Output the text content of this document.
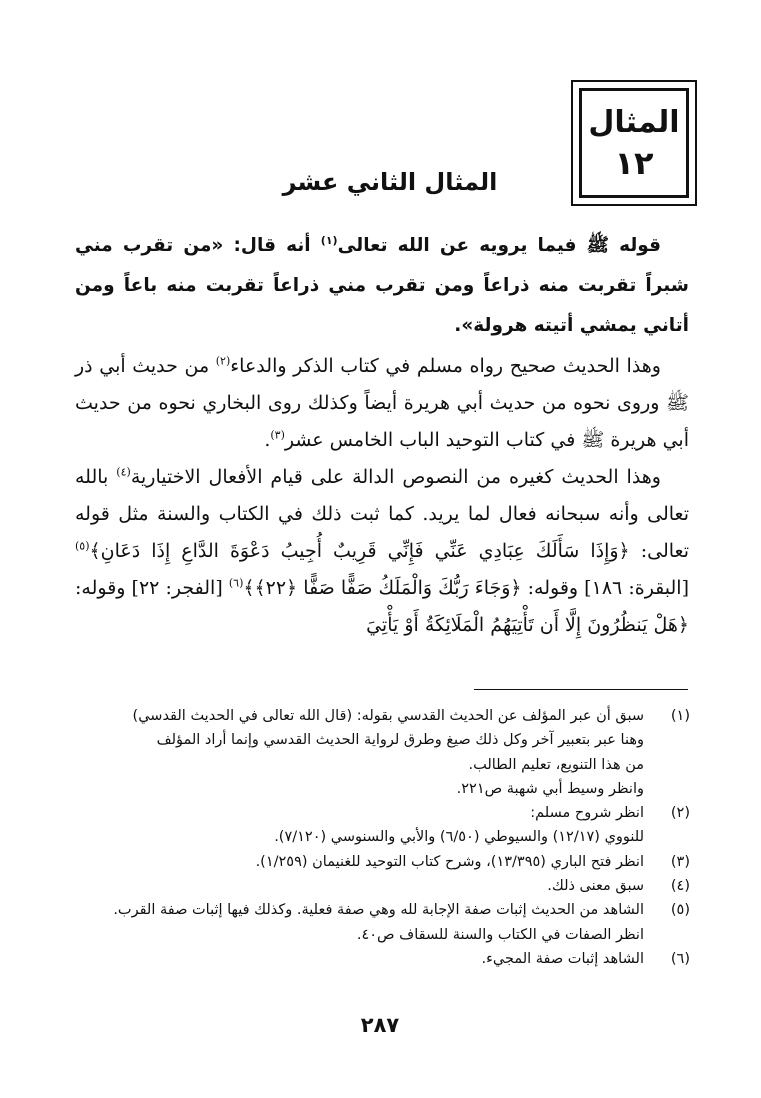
المثال
١٢
المثال الثاني عشر

قوله ﷺ فيما يرويه عن الله تعالى$^{(١)}$ أنه قال: «من تقرب مني شبراً تقربت منه ذراعاً ومن تقرب مني ذراعاً تقربت منه باعاً ومن أتاني يمشي أتيته هرولة».

وهذا الحديث صحيح رواه مسلم في كتاب الذكر والدعاء$^{(٢)}$ من حديث أبي ذر ﷺ وروى نحوه من حديث أبي هريرة أيضاً وكذلك روى البخاري نحوه من حديث أبي هريرة ﷺ في كتاب التوحيد الباب الخامس عشر$^{(٣)}$.

وهذا الحديث كغيره من النصوص الدالة على قيام الأفعال الاختيارية$^{(٤)}$ بالله تعالى وأنه سبحانه فعال لما يريد. كما ثبت ذلك في الكتاب والسنة مثل قوله تعالى: ﴿وَإِذَا سَأَلَكَ عِبَادِي عَنِّي فَإِنِّي قَرِيبٌ أُجِيبُ دَعْوَةَ الدَّاعِ إِذَا دَعَانِ﴾$^{(٥)}$ [البقرة: ١٨٦] وقوله: ﴿وَجَاءَ رَبُّكَ وَالْمَلَكُ صَفًّا صَفًّا ﴿٢٢﴾﴾$^{(٦)}$ [الفجر: ٢٢] وقوله: ﴿هَلْ يَنظُرُونَ إِلَّا أَن تَأْتِيَهُمُ الْمَلَائِكَةُ أَوْ يَأْتِيَ

(١)
سبق أن عبر المؤلف عن الحديث القدسي بقوله: (قال الله تعالى في الحديث القدسي)
وهنا عبر بتعبير آخر وكل ذلك صيغ وطرق لرواية الحديث القدسي وإنما أراد المؤلف
من هذا التنويع، تعليم الطالب.
وانظر وسيط أبي شهبة ص٢٢١.
(٢)
انظر شروح مسلم:
للنووي (١٢/١٧) والسيوطي (٦/٥٠) والأبي والسنوسي (٧/١٢٠).
(٣)
انظر فتح الباري (١٣/٣٩٥)، وشرح كتاب التوحيد للغنيمان (١/٢٥٩).
(٤)
سبق معنى ذلك.
(٥)
الشاهد من الحديث إثبات صفة الإجابة لله وهي صفة فعلية. وكذلك فيها إثبات صفة القرب.
انظر الصفات في الكتاب والسنة للسقاف ص٤٠.
(٦)
الشاهد إثبات صفة المجيء.
٢٨٧
